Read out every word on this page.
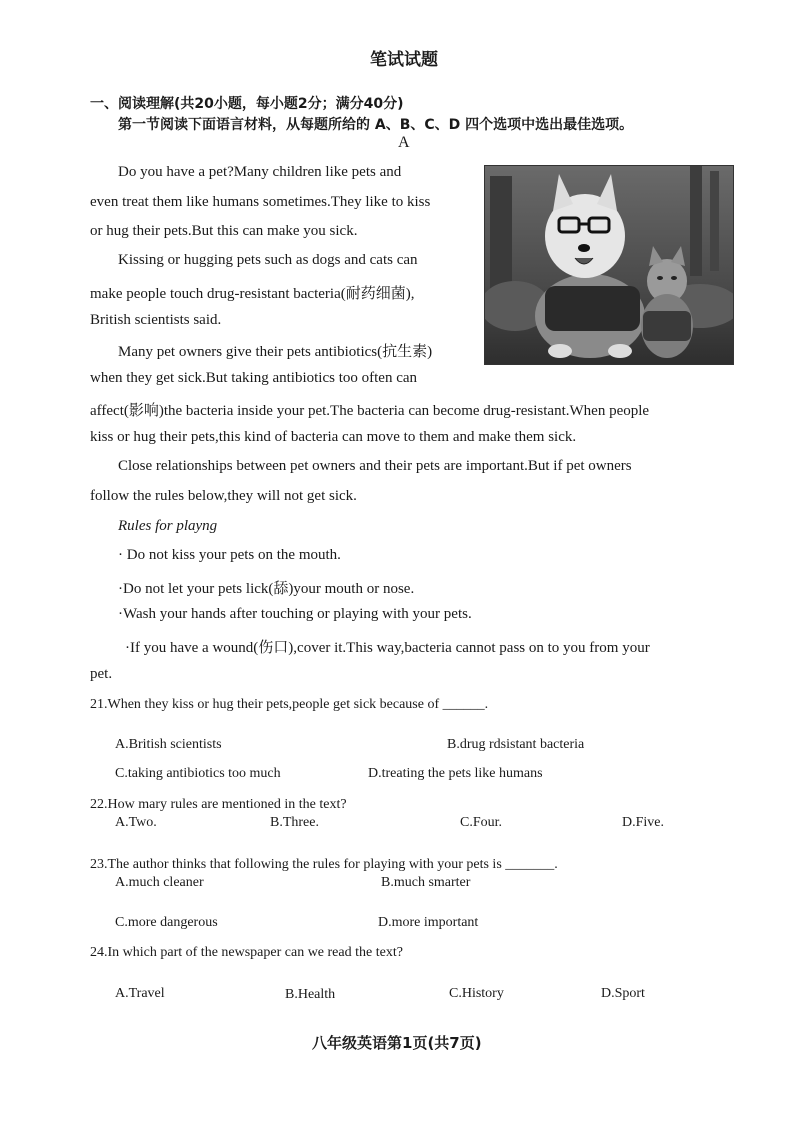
笔试试题
一、阅读理解(共20小题，每小题2分；满分40分)
第一节阅读下面语言材料，从每题所给的 A、B、C、D 四个选项中选出最佳选项。
A
Do you have a pet?Many children like pets and
even treat them like humans sometimes.They like to kiss
or hug their pets.But this can make you sick.
Kissing or hugging pets such as dogs and cats can
make people touch drug-resistant bacteria(耐药细菌),
British scientists said.
Many pet owners give their pets antibiotics(抗生素)
when they get sick.But taking antibiotics too often can
affect(影响)the bacteria inside your pet.The bacteria can become drug-resistant.When people
kiss or hug their pets,this kind of bacteria can move to them and make them sick.
Close relationships between pet owners and their pets are important.But if pet owners
follow the rules below,they will not get sick.
Rules for playng
· Do not kiss your pets on the mouth.
·Do not let your pets lick(舔)your mouth or nose.
·Wash your hands after touching or playing with your pets.
·If you have a wound(伤口),cover it.This way,bacteria cannot pass on to you from your
pet.
21.When they kiss or hug their pets,people get sick because of ______.
A.British scientists	B.drug rdsistant bacteria
C.taking antibiotics too much	D.treating the pets like humans
22.How mary rules are mentioned in the text?
A.Two.	B.Three.	C.Four.	D.Five.
23.The author thinks that following the rules for playing with your pets is _______.
A.much cleaner	B.much smarter
C.more dangerous	D.more important
24.In which part of the newspaper can we read the text?
A.Travel	B.Health	C.History	D.Sport
八年级英语第1页(共7页)
